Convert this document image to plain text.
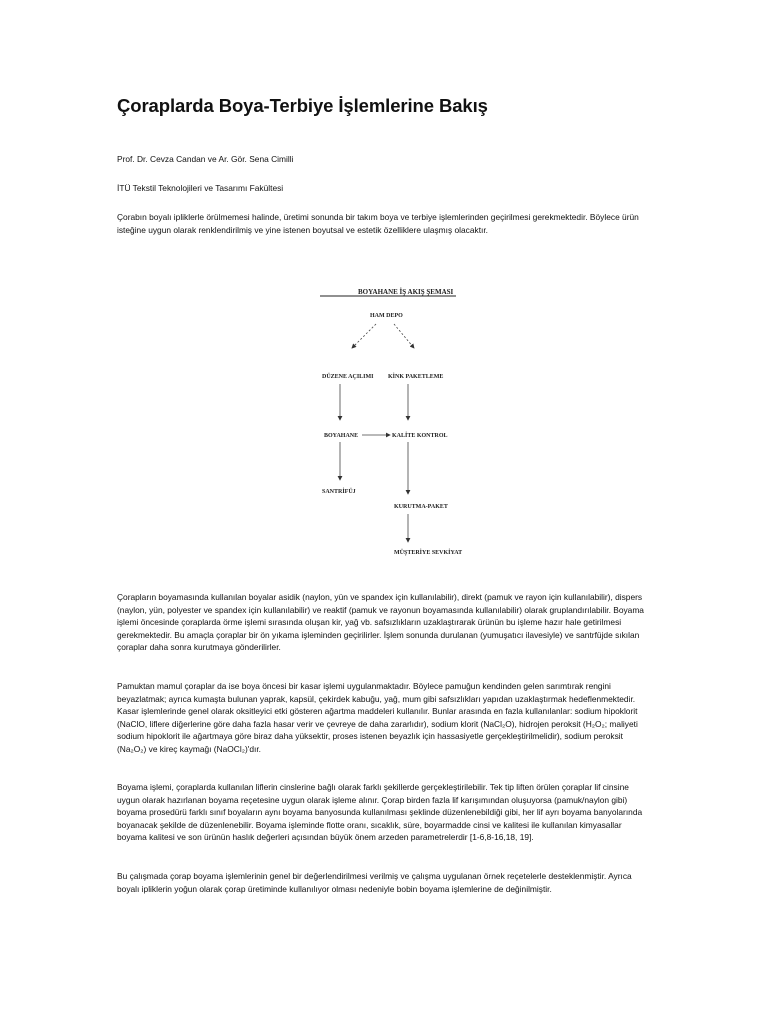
Çoraplarda Boya-Terbiye İşlemlerine Bakış

Prof. Dr. Cevza Candan ve Ar. Gör. Sena Cimilli

İTÜ Tekstil Teknolojileri ve Tasarımı Fakültesi

Çorabın boyalı ipliklerle örülmemesi halinde, üretimi sonunda bir takım boya ve terbiye işlemlerinden geçirilmesi gerekmektedir. Böylece ürün isteğine uygun olarak renklendirilmiş ve yine istenen boyutsal ve estetik özelliklere ulaşmış olacaktır.

BOYAHANE İŞ AKIŞ ŞEMASI
HAM DEPO
DÜZENE AÇILIMI KİNK PAKETLEME
BOYAHANE	KALİTE KONTROL
SANTRİFÜJ
KURUTMA-PAKET
MÜŞTERİYE SEVKİYAT

Çorapların boyamasında kullanılan boyalar asidik (naylon, yün ve spandex için kullanılabilir), direkt (pamuk ve rayon için kullanılabilir), dispers (naylon, yün, polyester ve spandex için kullanılabilir) ve reaktif (pamuk ve rayonun boyamasında kullanılabilir) olarak gruplandırılabilir. Boyama işlemi öncesinde çoraplarda örme işlemi sırasında oluşan kir, yağ vb. safsızlıkların uzaklaştırarak ürünün bu işleme hazır hale getirilmesi gerekmektedir. Bu amaçla çoraplar bir ön yıkama işleminden geçirilirler. İşlem sonunda durulanan (yumuşatıcı ilavesiyle) ve santrfüjde sıkılan çoraplar daha sonra kurutmaya gönderilirler.

Pamuktan mamul çoraplar da ise boya öncesi bir kasar işlemi uygulanmaktadır. Böylece pamuğun kendinden gelen sarımtırak rengini beyazlatmak; ayrıca kumaşta bulunan yaprak, kapsül, çekirdek kabuğu, yağ, mum gibi safsızlıkları yapıdan uzaklaştırmak hedeflenmektedir. Kasar işlemlerinde genel olarak oksitleyici etki gösteren ağartma maddeleri kullanılır. Bunlar arasında en fazla kullanılanlar: sodium hipoklorit (NaClO, liflere diğerlerine göre daha fazla hasar verir ve çevreye de daha zararlıdır), sodium klorit (NaCl₂O), hidrojen peroksit (H₂O₂; maliyeti sodium hipoklorit ile ağartmaya göre biraz daha yüksektir, proses istenen beyazlık için hassasiyetle gerçekleştirilmelidir), sodium peroksit (Na₂O₂) ve kireç kaymağı (NaOCl₂)'dır.

Boyama işlemi, çoraplarda kullanılan liflerin cinslerine bağlı olarak farklı şekillerde gerçekleştirilebilir. Tek tip liften örülen çoraplar lif cinsine uygun olarak hazırlanan boyama reçetesine uygun olarak işleme alınır. Çorap birden fazla lif karışımından oluşuyorsa (pamuk/naylon gibi) boyama prosedürü farklı sınıf boyaların aynı boyama banyosunda kullanılması şeklinde düzenlenebildiği gibi, her lif ayrı boyama banyolarında boyanacak şekilde de düzenlenebilir. Boyama işleminde flotte oranı, sıcaklık, süre, boyarmadde cinsi ve kalitesi ile kullanılan kimyasallar boyama kalitesi ve son ürünün haslık değerleri açısından büyük önem arzeden parametrelerdir [1-6,8-16,18, 19].

Bu çalışmada çorap boyama işlemlerinin genel bir değerlendirilmesi verilmiş ve çalışma uygulanan örnek reçetelerle desteklenmiştir. Ayrıca boyalı ipliklerin yoğun olarak çorap üretiminde kullanılıyor olması nedeniyle bobin boyama işlemlerine de değinilmiştir.
